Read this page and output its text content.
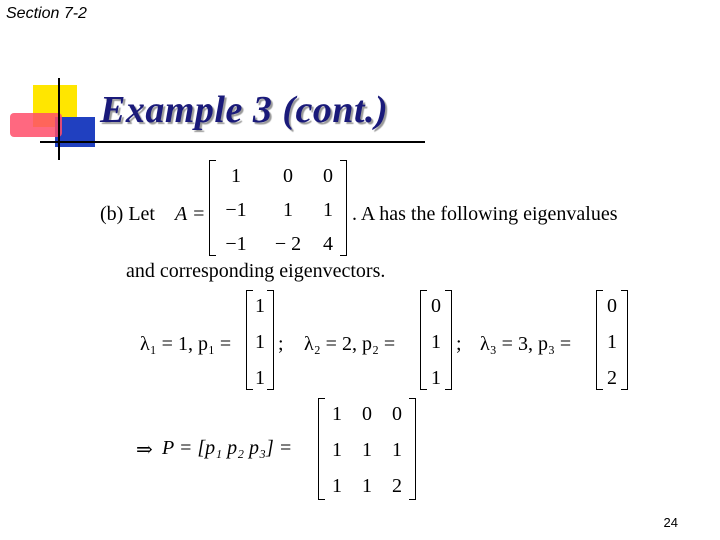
Section 7-2
Example 3 (cont.)
(b) Let A =
1	0	0
−1	1	1
−1	− 2	4
. A has the following eigenvalues
and corresponding eigenvectors.
λ₁ = 1, p₁ =
1
1
1
; λ₂ = 2, p₂ =
0
1
1
; λ₃ = 3, p₃ =
0
1
2
⇒ P = [p₁ p₂ p₃] =
1	0	0
1	1	1
1	1	2
24
